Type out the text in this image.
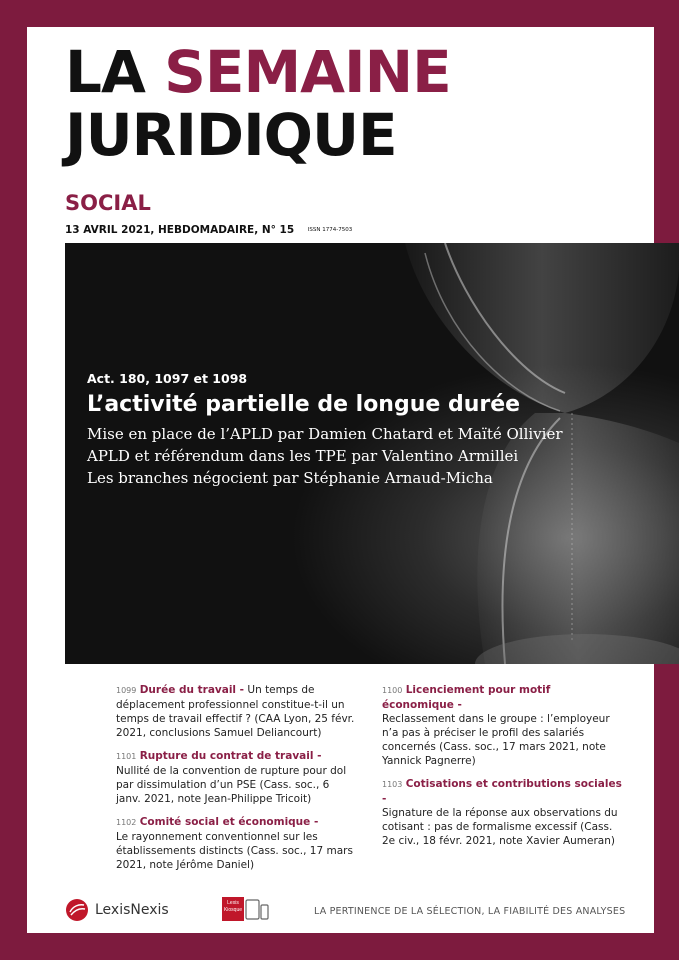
LA SEMAINE
JURIDIQUE
SOCIAL
13 AVRIL 2021, HEBDOMADAIRE, N° 15 ISSN 1774-7503
Act. 180, 1097 et 1098
L’activité partielle de longue durée
Mise en place de l’APLD par Damien Chatard et Maïté Ollivier
APLD et référendum dans les TPE par Valentino Armillei
Les branches négocient par Stéphanie Arnaud-Micha
1099 Durée du travail - Un temps de déplacement professionnel constitue-t-il un temps de travail effectif ? (CAA Lyon, 25 févr. 2021, conclusions Samuel Deliancourt)
1101 Rupture du contrat de travail - Nullité de la convention de rupture pour dol par dissimulation d’un PSE (Cass. soc., 6 janv. 2021, note Jean-Philippe Tricoit)
1102 Comité social et économique -
Le rayonnement conventionnel sur les établissements distincts (Cass. soc., 17 mars 2021, note Jérôme Daniel)
1100 Licenciement pour motif économique -
Reclassement dans le groupe : l’employeur n’a pas à préciser le profil des salariés concernés (Cass. soc., 17 mars 2021, note Yannick Pagnerre)
1103 Cotisations et contributions sociales -
Signature de la réponse aux observations du cotisant : pas de formalisme excessif (Cass. 2e civ., 18 févr. 2021, note Xavier Aumeran)
LexisNexis	Lexis
Kiosque	LA PERTINENCE DE LA SÉLECTION, LA FIABILITÉ DES ANALYSES
